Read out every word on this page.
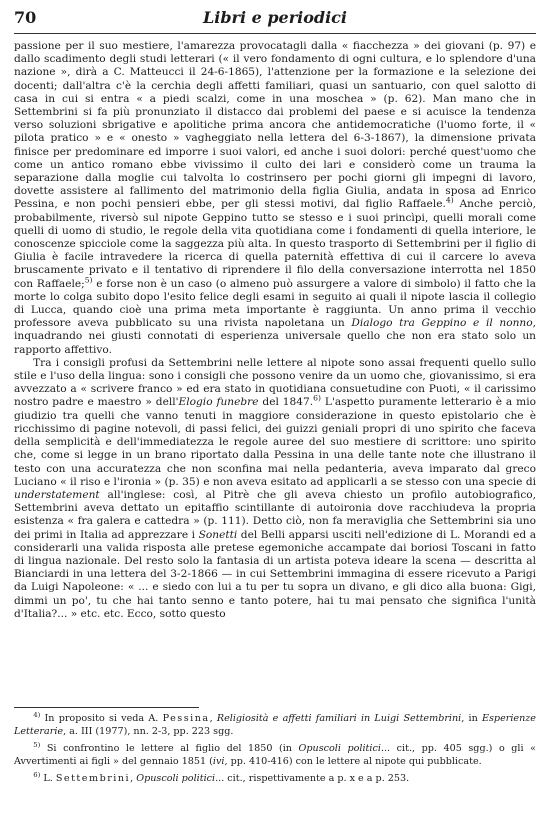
70	Libri e periodici

passione per il suo mestiere, l'amarezza provocatagli dalla « fiacchezza » dei giovani (p. 97) e dallo scadimento degli studi letterari (« il vero fondamento di ogni cultura, e lo splendore d'una nazione », dirà a C. Matteucci il 24-6-1865), l'attenzione per la formazione e la selezione dei docenti; dall'altra c'è la cerchia degli affetti familiari, quasi un santuario, con quel salotto di casa in cui si entra « a piedi scalzi, come in una moschea » (p. 62). Man mano che in Settembrini si fa più pronunziato il distacco dai problemi del paese e si acuisce la tendenza verso soluzioni sbrigative e apolitiche prima ancora che antidemocratiche (l'uomo forte, il « pilota pratico » e « onesto » vagheggiato nella lettera del 6-3-1867), la dimensione privata finisce per predominare ed imporre i suoi valori, ed anche i suoi dolori: perché quest'uomo che come un antico romano ebbe vivissimo il culto dei lari e considerò come un trauma la separazione dalla moglie cui talvolta lo costrinsero per pochi giorni gli impegni di lavoro, dovette assistere al fallimento del matrimonio della figlia Giulia, andata in sposa ad Enrico Pessina, e non pochi pensieri ebbe, per gli stessi motivi, dal figlio Raffaele.$^{4)}$ Anche perciò, probabilmente, riversò sul nipote Geppino tutto se stesso e i suoi princìpi, quelli morali come quelli di uomo di studio, le regole della vita quotidiana come i fondamenti di quella interiore, le conoscenze spicciole come la saggezza più alta. In questo trasporto di Settembrini per il figlio di Giulia è facile intravedere la ricerca di quella paternità effettiva di cui il carcere lo aveva bruscamente privato e il tentativo di riprendere il filo della conversazione interrotta nel 1850 con Raffaele;$^{5)}$ e forse non è un caso (o almeno può assurgere a valore di simbolo) il fatto che la morte lo colga subito dopo l'esito felice degli esami in seguito ai quali il nipote lascia il collegio di Lucca, quando cioè una prima meta importante è raggiunta. Un anno prima il vecchio professore aveva pubblicato su una rivista napoletana un Dialogo tra Geppino e il nonno, inquadrando nei giusti connotati di esperienza universale quello che non era stato solo un rapporto affettivo.

Tra i consigli profusi da Settembrini nelle lettere al nipote sono assai frequenti quello sullo stile e l'uso della lingua: sono i consigli che possono venire da un uomo che, giovanissimo, si era avvezzato a « scrivere franco » ed era stato in quotidiana consuetudine con Puoti, « il carissimo nostro padre e maestro » dell'Elogio funebre del 1847.$^{6)}$ L'aspetto puramente letterario è a mio giudizio tra quelli che vanno tenuti in maggiore considerazione in questo epistolario che è ricchissimo di pagine notevoli, di passi felici, dei guizzi geniali propri di uno spirito che faceva della semplicità e dell'immediatezza le regole auree del suo mestiere di scrittore: uno spirito che, come si legge in un brano riportato dalla Pessina in una delle tante note che illustrano il testo con una accuratezza che non sconfina mai nella pedanteria, aveva imparato dal greco Luciano « il riso e l'ironia » (p. 35) e non aveva esitato ad applicarli a se stesso con una specie di understatement all'inglese: così, al Pitrè che gli aveva chiesto un profilo autobiografico, Settembrini aveva dettato un epitaffio scintillante di autoironia dove racchiudeva la propria esistenza « fra galera e cattedra » (p. 111). Detto ciò, non fa meraviglia che Settembrini sia uno dei primi in Italia ad apprezzare i Sonetti del Belli apparsi usciti nell'edizione di L. Morandi ed a considerarli una valida risposta alle pretese egemoniche accampate dai boriosi Toscani in fatto di lingua nazionale. Del resto solo la fantasia di un artista poteva ideare la scena — descritta al Bianciardi in una lettera del 3-2-1866 — in cui Settembrini immagina di essere ricevuto a Parigi da Luigi Napoleone: « ... e siedo con lui a tu per tu sopra un divano, e gli dico alla buona: Gigi, dimmi un po', tu che hai tanto senno e tanto potere, hai tu mai pensato che significa l'unità d'Italia?... » etc. etc. Ecco, sotto questo

$^{4)}$ In proposito si veda A. Pessina, Religiosità e affetti familiari in Luigi Settembrini, in Esperienze Letterarie, a. III (1977), nn. 2-3, pp. 223 sgg.

$^{5)}$ Si confrontino le lettere al figlio del 1850 (in Opuscoli politici... cit., pp. 405 sgg.) o gli « Avvertimenti ai figli » del gennaio 1851 (ivi, pp. 410-416) con le lettere al nipote qui pubblicate.

$^{6)}$ L. Settembrini, Opuscoli politici... cit., rispettivamente a p. x e a p. 253.
